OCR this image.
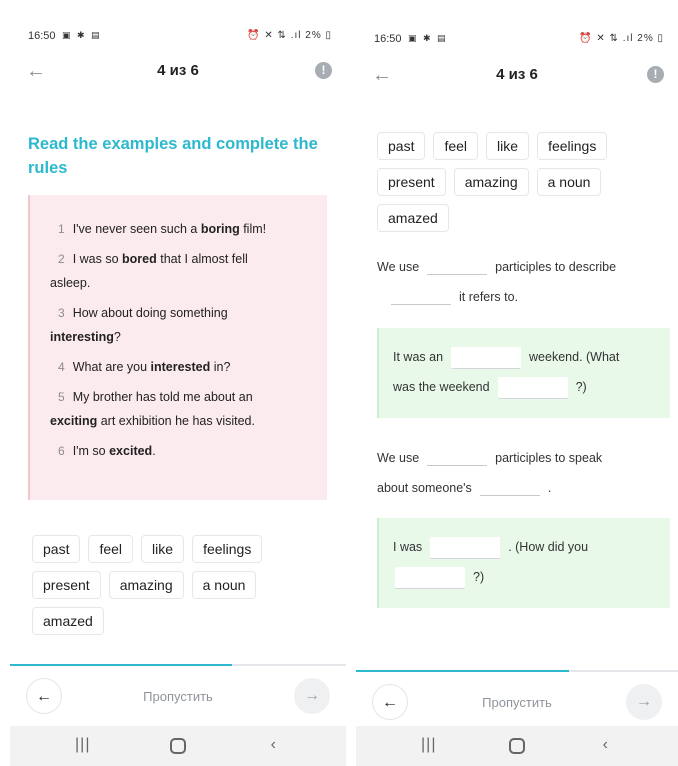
16:50 ▣ ✱ ▤	⏰ ✕ ⇅ .ıl 2% ▯
←	4 из 6	!
Read the examples and complete the rules
1 I've never seen such a boring film!
2 I was so bored that I almost fell
asleep.
3 How about doing something
interesting?
4 What are you interested in?
5 My brother has told me about an
exciting art exhibition he has visited.
6 I'm so excited.
past	feel	like	feelings
present	amazing	a noun
amazed
←	Пропустить	→
|||	‹
16:50 ▣ ✱ ▤	⏰ ✕ ⇅ .ıl 2% ▯
←	4 из 6	!
past	feel	like	feelings
present	amazing	a noun
amazed
We use	participles to describe
it refers to.
It was an	weekend. (What
was the weekend	?)
We use	participles to speak
about someone's	.
I was	. (How did you
?)
←	Пропустить	→
|||	‹
